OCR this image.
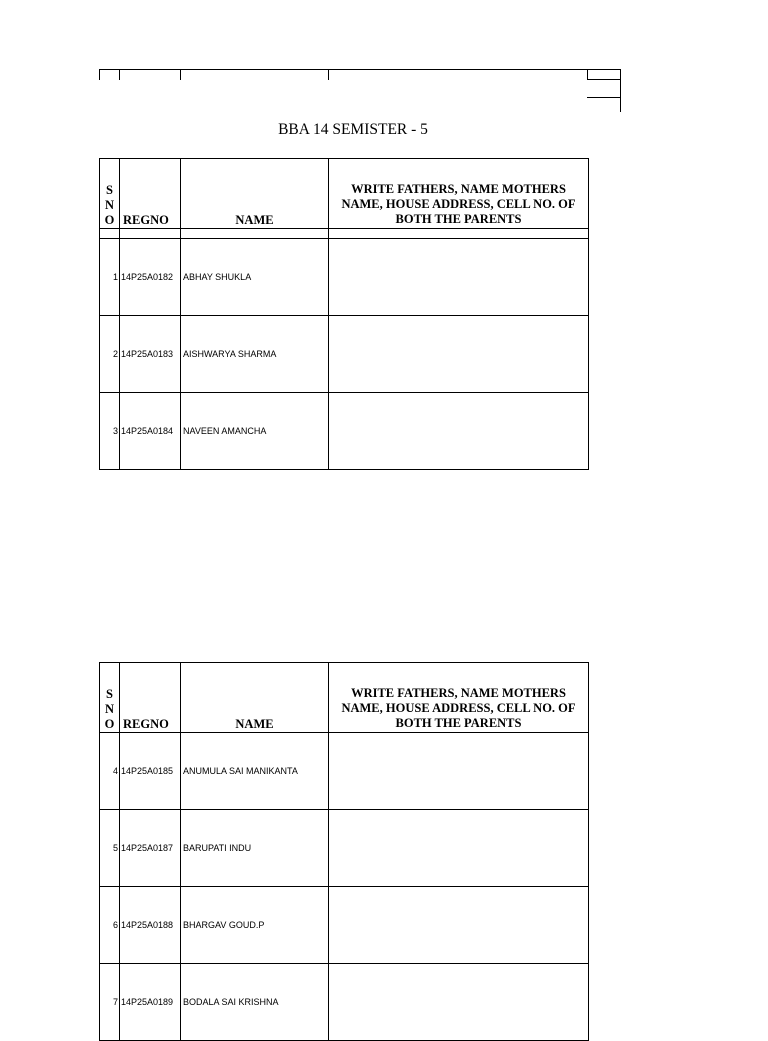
BBA 14 SEMISTER - 5
S N O	REGNO	NAME	WRITE FATHERS, NAME MOTHERS NAME, HOUSE ADDRESS, CELL NO. OF BOTH THE PARENTS

1	14P25A0182	ABHAY SHUKLA	
2	14P25A0183	AISHWARYA SHARMA	
3	14P25A0184	NAVEEN AMANCHA	
S N O	REGNO	NAME	WRITE FATHERS, NAME MOTHERS NAME, HOUSE ADDRESS, CELL NO. OF BOTH THE PARENTS
4	14P25A0185	ANUMULA SAI MANIKANTA	
5	14P25A0187	BARUPATI INDU	
6	14P25A0188	BHARGAV GOUD.P	
7	14P25A0189	BODALA SAI KRISHNA	
